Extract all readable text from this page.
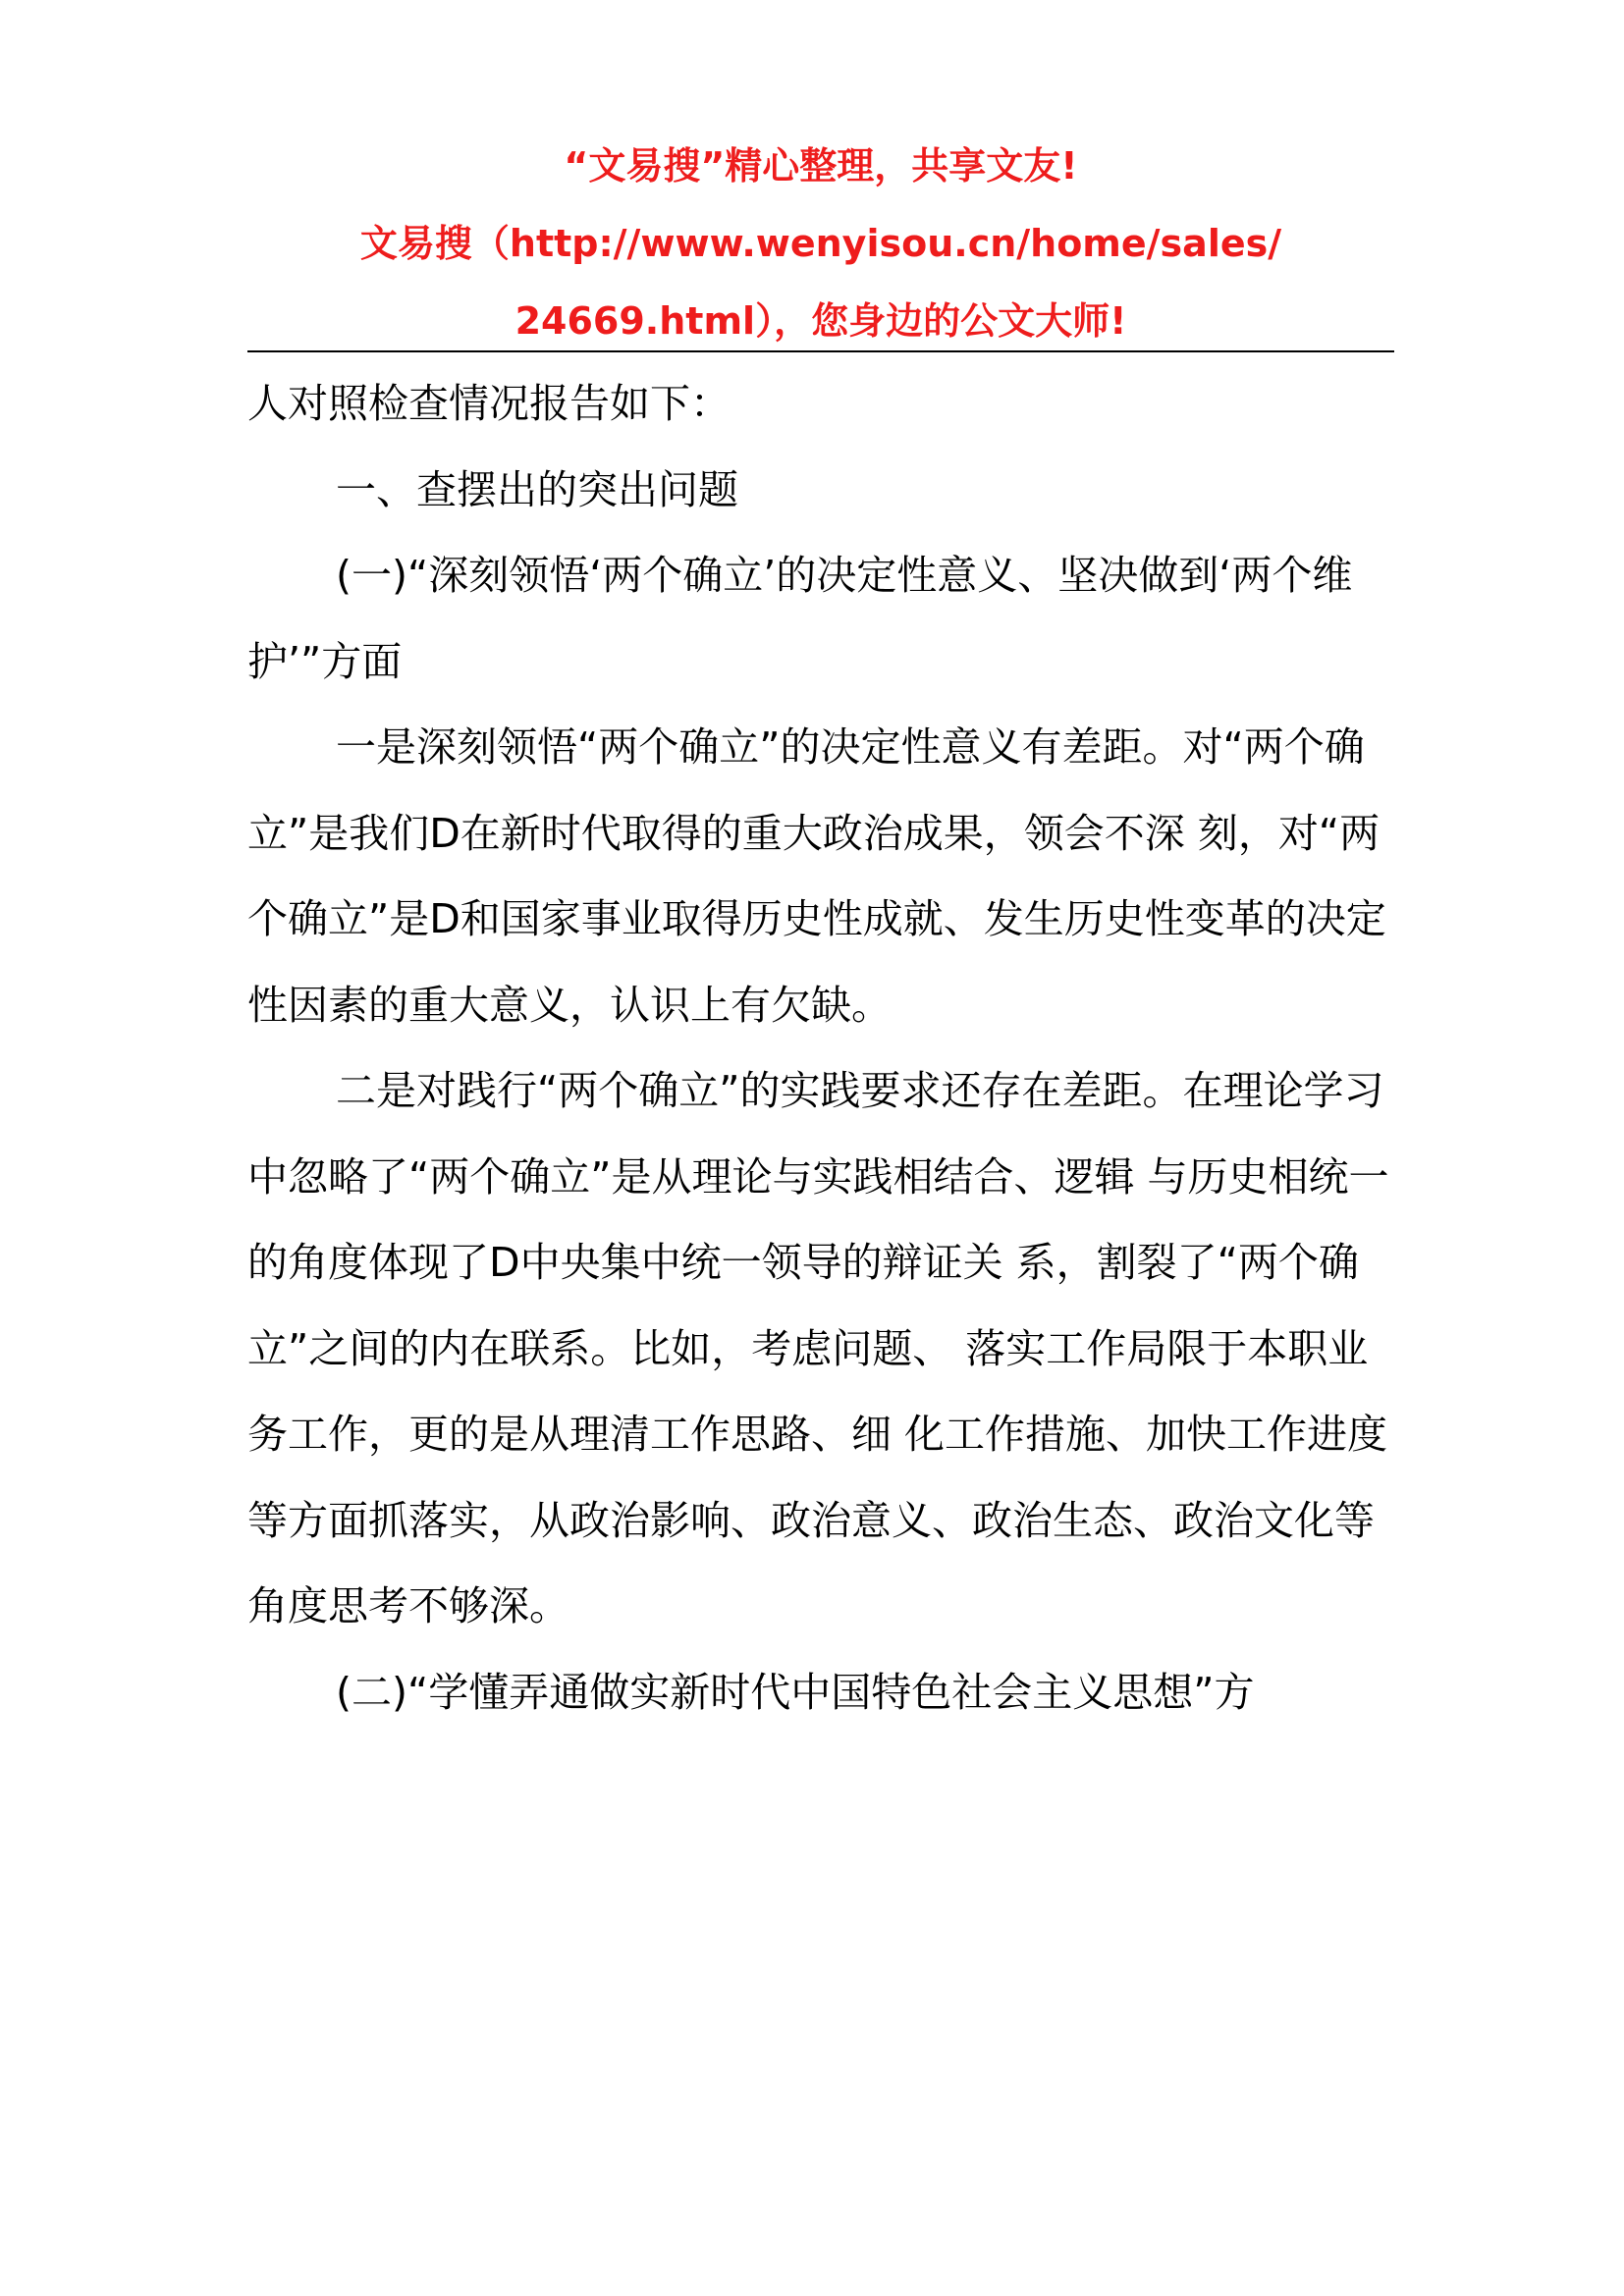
“文易搜”精心整理，共享文友!
文易搜（http://www.wenyisou.cn/home/sales/
24669.html），您身边的公文大师!

人对照检查情况报告如下：

一、查摆出的突出问题

(一)“深刻领悟‘两个确立’的决定性意义、坚决做到‘两个维护’”方面

一是深刻领悟“两个确立”的决定性意义有差距。对“两个确立”是我们D在新时代取得的重大政治成果，领会不深 刻，对“两个确立”是D和国家事业取得历史性成就、发生历史性变革的决定性因素的重大意义，认识上有欠缺。

二是对践行“两个确立”的实践要求还存在差距。在理论学习中忽略了“两个确立”是从理论与实践相结合、逻辑 与历史相统一的角度体现了D中央集中统一领导的辩证关 系，割裂了“两个确立”之间的内在联系。比如，考虑问题、 落实工作局限于本职业务工作，更的是从理清工作思路、细 化工作措施、加快工作进度等方面抓落实，从政治影响、政治意义、政治生态、政治文化等角度思考不够深。

(二)“学懂弄通做实新时代中国特色社会主义思想”方
